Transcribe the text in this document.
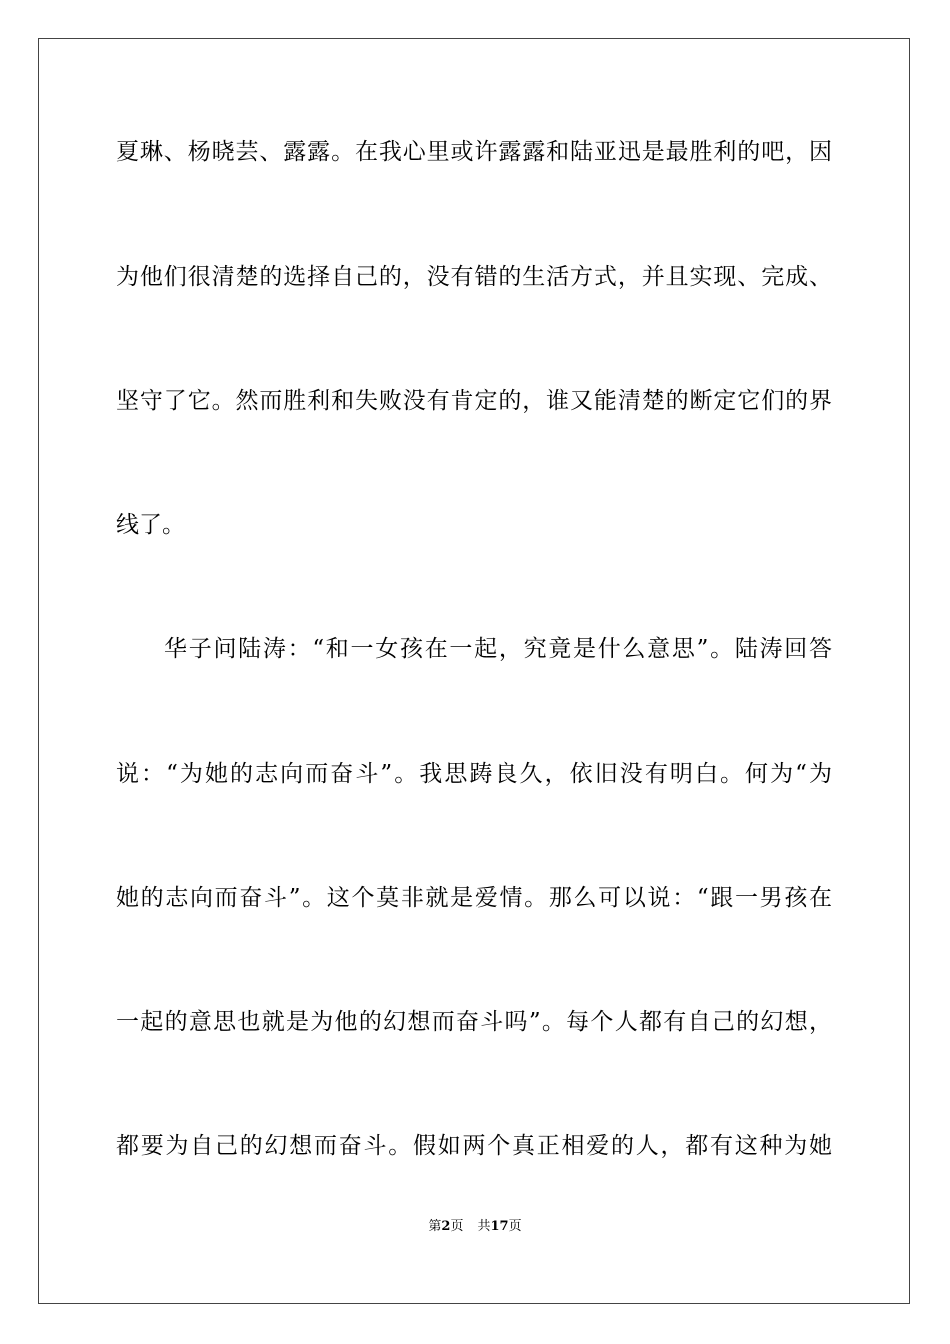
夏琳、杨晓芸、露露。在我心里或许露露和陆亚迅是最胜利的吧，因
为他们很清楚的选择自己的，没有错的生活方式，并且实现、完成、
坚守了它。然而胜利和失败没有肯定的，谁又能清楚的断定它们的界
线了。
华子问陆涛：“和一女孩在一起，究竟是什么意思”。陆涛回答
说：“为她的志向而奋斗”。我思踌良久，依旧没有明白。何为“为
她的志向而奋斗”。这个莫非就是爱情。那么可以说：“跟一男孩在
一起的意思也就是为他的幻想而奋斗吗”。每个人都有自己的幻想，
都要为自己的幻想而奋斗。假如两个真正相爱的人，都有这种为她
第2页 共17页
